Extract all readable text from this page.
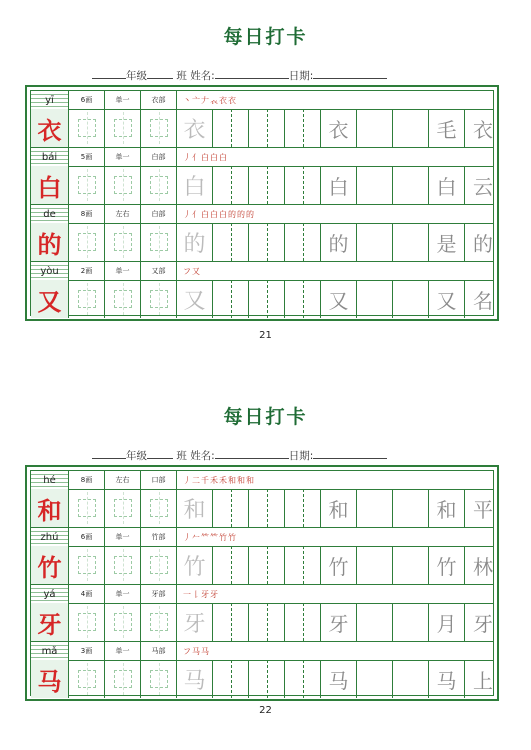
每日打卡
年级	班 姓名:	日期:
yī	6画	单一	衣部	丶亠𠂇𧘇衣衣
衣	衣	衣	毛 衣
bái	5画	单一	白部	丿亻白白白
白	白	白	白 云
de	8画	左右	白部	丿亻白白白的的的
的	的	的	是 的
yòu	2画	单一	又部	フ又
又	又	又	又 名
21
每日打卡
年级	班 姓名:	日期:
hé	8画	左右	口部	丿二千禾禾和和和
和	和	和	和 平
zhú	6画	单一	竹部	丿𠂉𥫗𥫗竹竹
竹	竹	竹	竹 林
yá	4画	单一	牙部	一𠄌牙牙
牙	牙	牙	月 牙
mǎ	3画	单一	马部	フ马马
马	马	马	马 上
22
